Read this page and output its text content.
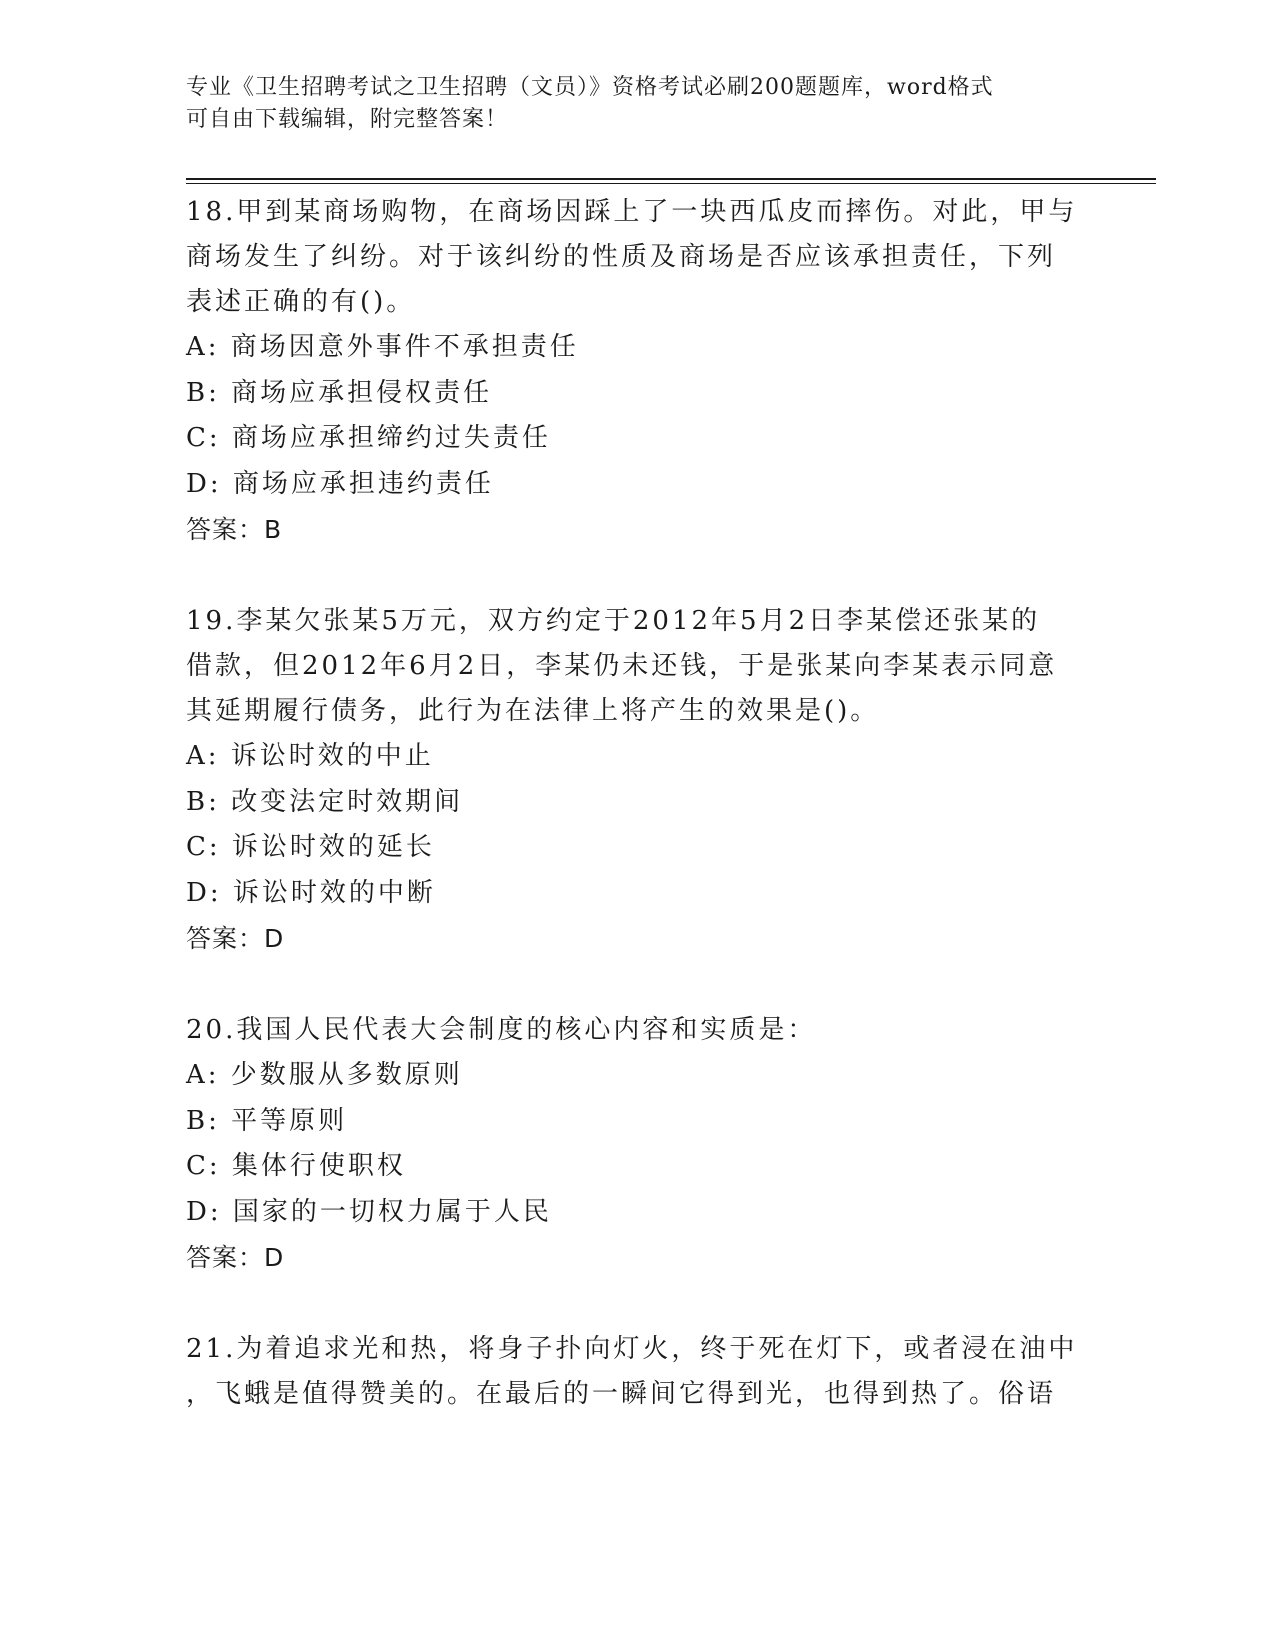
专业《卫生招聘考试之卫生招聘（文员）》资格考试必刷200题题库，word格式
可自由下载编辑，附完整答案！
18.甲到某商场购物，在商场因踩上了一块西瓜皮而摔伤。对此，甲与
商场发生了纠纷。对于该纠纷的性质及商场是否应该承担责任，下列
表述正确的有()。
A: 商场因意外事件不承担责任
B: 商场应承担侵权责任
C: 商场应承担缔约过失责任
D: 商场应承担违约责任
答案：B
19.李某欠张某5万元，双方约定于2012年5月2日李某偿还张某的
借款，但2012年6月2日，李某仍未还钱，于是张某向李某表示同意
其延期履行债务，此行为在法律上将产生的效果是()。
A: 诉讼时效的中止
B: 改变法定时效期间
C: 诉讼时效的延长
D: 诉讼时效的中断
答案：D
20.我国人民代表大会制度的核心内容和实质是：
A: 少数服从多数原则
B: 平等原则
C: 集体行使职权
D: 国家的一切权力属于人民
答案：D
21.为着追求光和热，将身子扑向灯火，终于死在灯下，或者浸在油中
，飞蛾是值得赞美的。在最后的一瞬间它得到光，也得到热了。俗语
